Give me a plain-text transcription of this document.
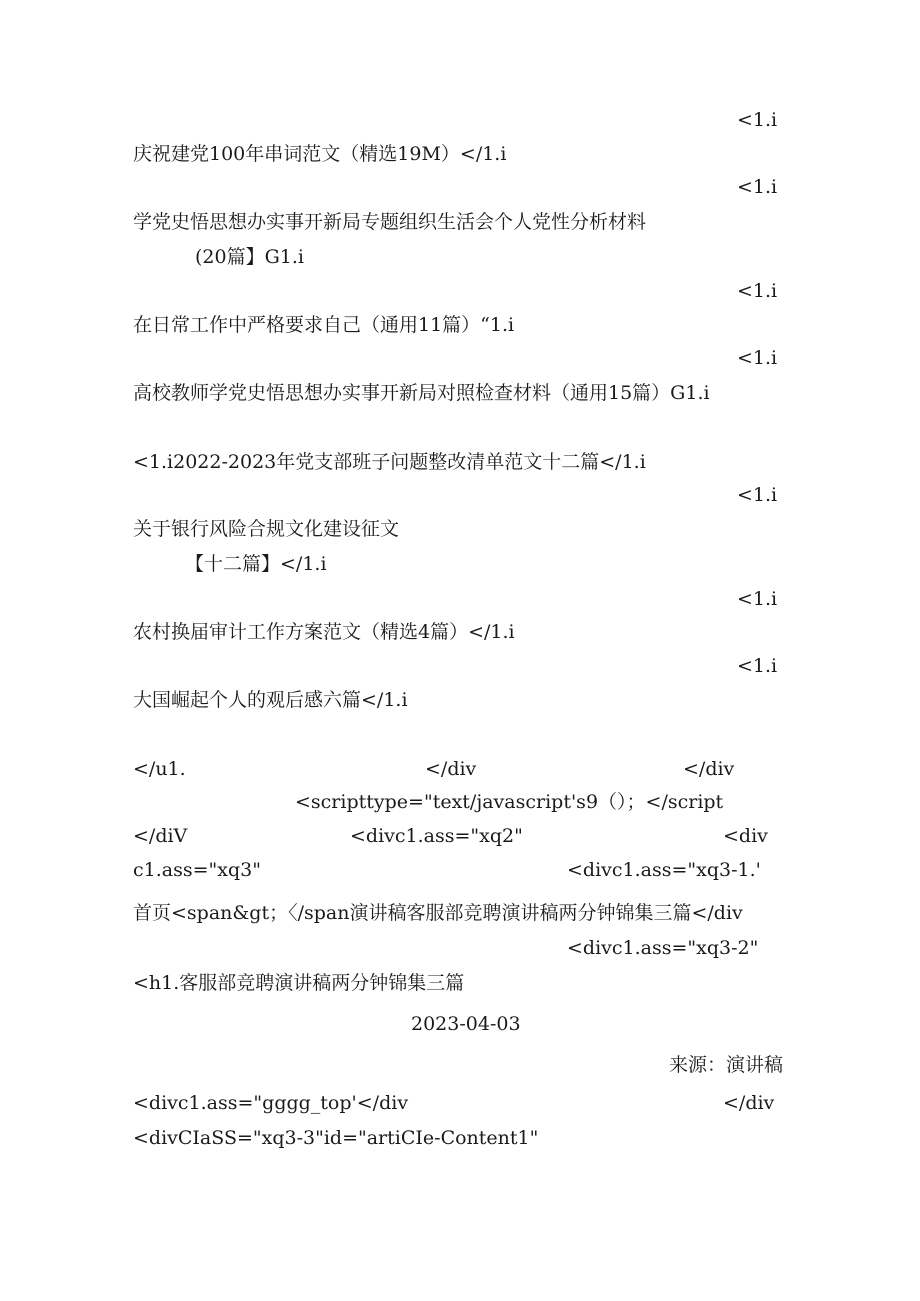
<1.i
庆祝建党100年串词范文（精选19M）</1.i
<1.i
学党史悟思想办实事开新局专题组织生活会个人党性分析材料
(20篇】G1.i
<1.i
在日常工作中严格要求自己（通用11篇）“1.i
<1.i
高校教师学党史悟思想办实事开新局对照检查材料（通用15篇）G1.i
<1.i2022-2023年党支部班子问题整改清单范文十二篇</1.i
<1.i
关于银行风险合规文化建设征文
【十二篇】</1.i
<1.i
农村换届审计工作方案范文（精选4篇）</1.i
<1.i
大国崛起个人的观后感六篇</1.i
</u1.	</div	</div
<scripttype="text/javascript's9（）；</script
</diV	<divc1.ass="xq2"	<div
c1.ass="xq3"	<divc1.ass="xq3-1.'
首页<span&gt；〈/span演讲稿客服部竞聘演讲稿两分钟锦集三篇</div
<divc1.ass="xq3-2"
<h1.客服部竞聘演讲稿两分钟锦集三篇
2023-04-03
来源：演讲稿
<divc1.ass="gggg_top'</div	</div
<divCIaSS="xq3-3"id="artiCIe-Content1"
